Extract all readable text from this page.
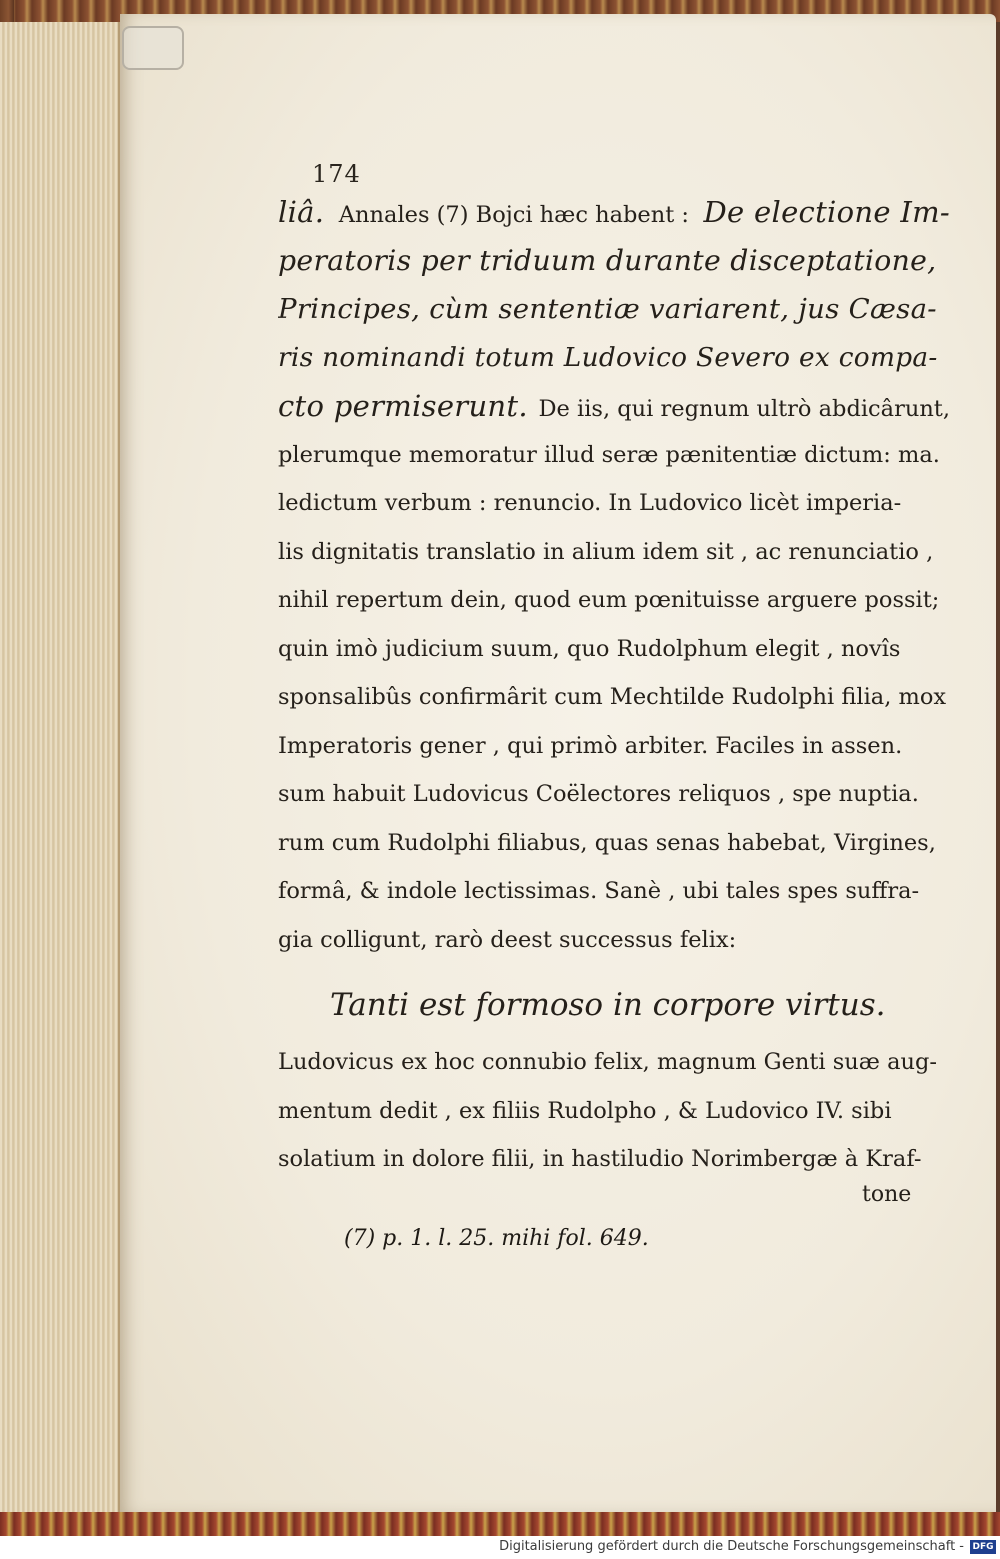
174
liâ. Annales (7) Bojci hæc habent : De electione Im-
peratoris per triduum durante disceptatione,
Principes, cùm sententiæ variarent, jus Cæsa-
ris nominandi totum Ludovico Severo ex compa-
cto permiserunt. De iis, qui regnum ultrò abdicârunt,
plerumque memoratur illud seræ pænitentiæ dictum: ma.
ledictum verbum : renuncio. In Ludovico licèt imperia-
lis dignitatis translatio in alium idem sit , ac renunciatio ,
nihil repertum dein, quod eum pœnituisse arguere possit;
quin imò judicium suum, quo Rudolphum elegit , novîs
sponsalibûs confirmârit cum Mechtilde Rudolphi filia, mox
Imperatoris gener , qui primò arbiter. Faciles in assen.
sum habuit Ludovicus Coëlectores reliquos , spe nuptia.
rum cum Rudolphi filiabus, quas senas habebat, Virgines,
formâ, & indole lectissimas. Sanè , ubi tales spes suffra-
gia colligunt, rarò deest successus felix:
Tanti est formoso in corpore virtus.
Ludovicus ex hoc connubio felix, magnum Genti suæ aug-
mentum dedit , ex filiis Rudolpho , & Ludovico IV. sibi
solatium in dolore filii, in hastiludio Norimbergæ à Kraf-
tone
(7) p. 1. l. 25. mihi fol. 649.
Digitalisierung gefördert durch die Deutsche Forschungsgemeinschaft - DFG
